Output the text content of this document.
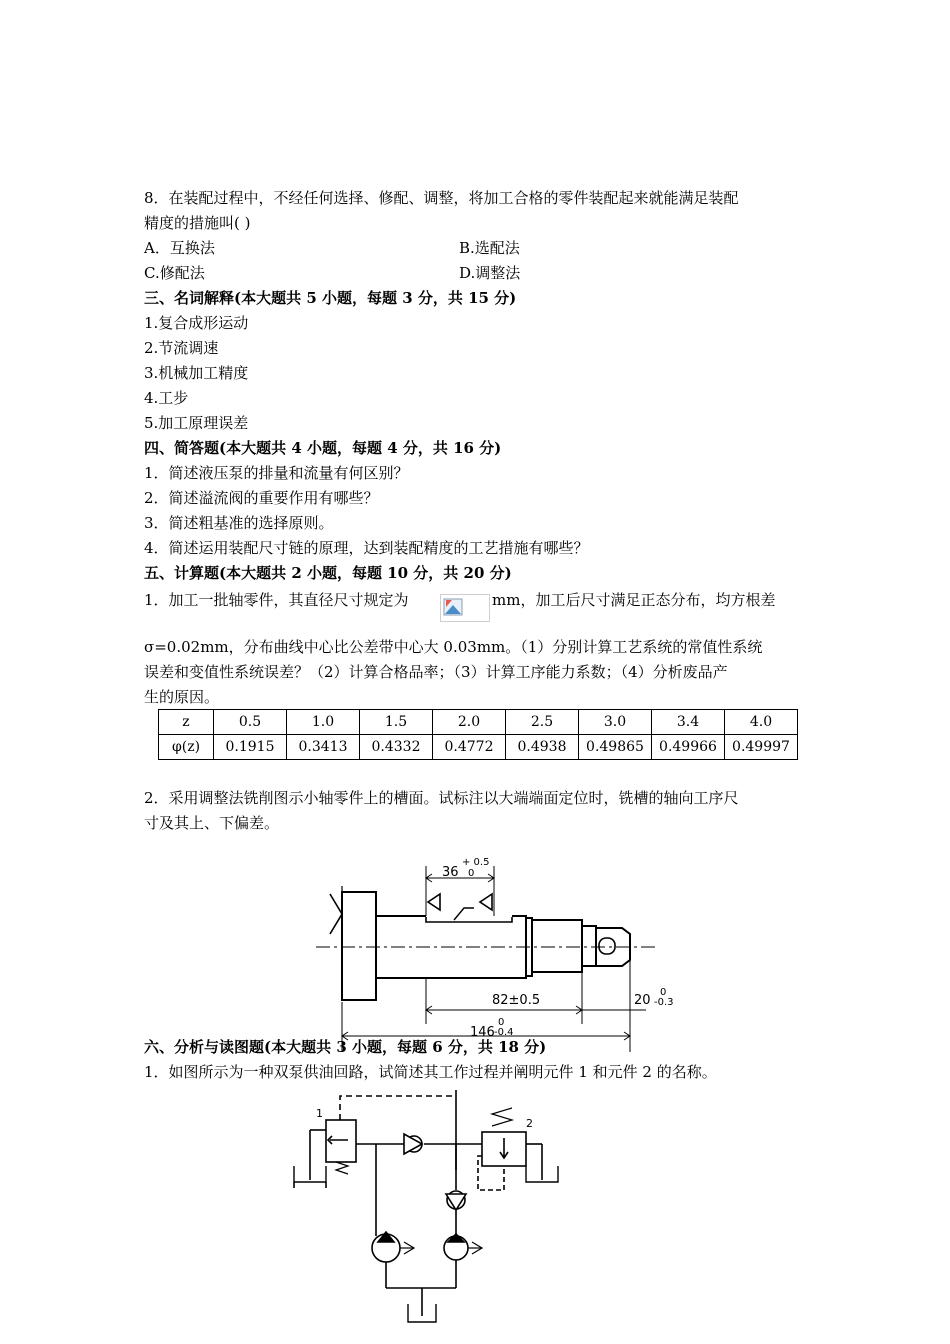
8．在装配过程中，不经任何选择、修配、调整，将加工合格的零件装配起来就能满足装配
精度的措施叫( )
A．互换法	B.选配法
C.修配法	D.调整法
三、名词解释(本大题共 5 小题，每题 3 分，共 15 分)
1.复合成形运动
2.节流调速
3.机械加工精度
4.工步
5.加工原理误差
四、简答题(本大题共 4 小题，每题 4 分，共 16 分)
1．简述液压泵的排量和流量有何区别？
2．简述溢流阀的重要作用有哪些？
3．简述粗基准的选择原则。
4．简述运用装配尺寸链的原理，达到装配精度的工艺措施有哪些？
五、计算题(本大题共 2 小题，每题 10 分，共 20 分)
1．加工一批轴零件，其直径尺寸规定为	mm，加工后尺寸满足正态分布，均方根差
σ=0.02mm，分布曲线中心比公差带中心大 0.03mm。（1）分别计算工艺系统的常值性系统
误差和变值性系统误差？（2）计算合格品率；（3）计算工序能力系数；（4）分析废品产
生的原因。
z	0.5	1.0	1.5	2.0	2.5	3.0	3.4	4.0
φ(z)	0.1915	0.3413	0.4332	0.4772	0.4938	0.49865	0.49966	0.49997
2．采用调整法铣削图示小轴零件上的槽面。试标注以大端端面定位时，铣槽的轴向工序尺
寸及其上、下偏差。
+ 0.5
36 0
82±0.5
0
20 -0.3
0
146 -0.4
六、分析与读图题(本大题共 3 小题，每题 6 分，共 18 分)
1．如图所示为一种双泵供油回路，试简述其工作过程并阐明元件 1 和元件 2 的名称。
1
2
